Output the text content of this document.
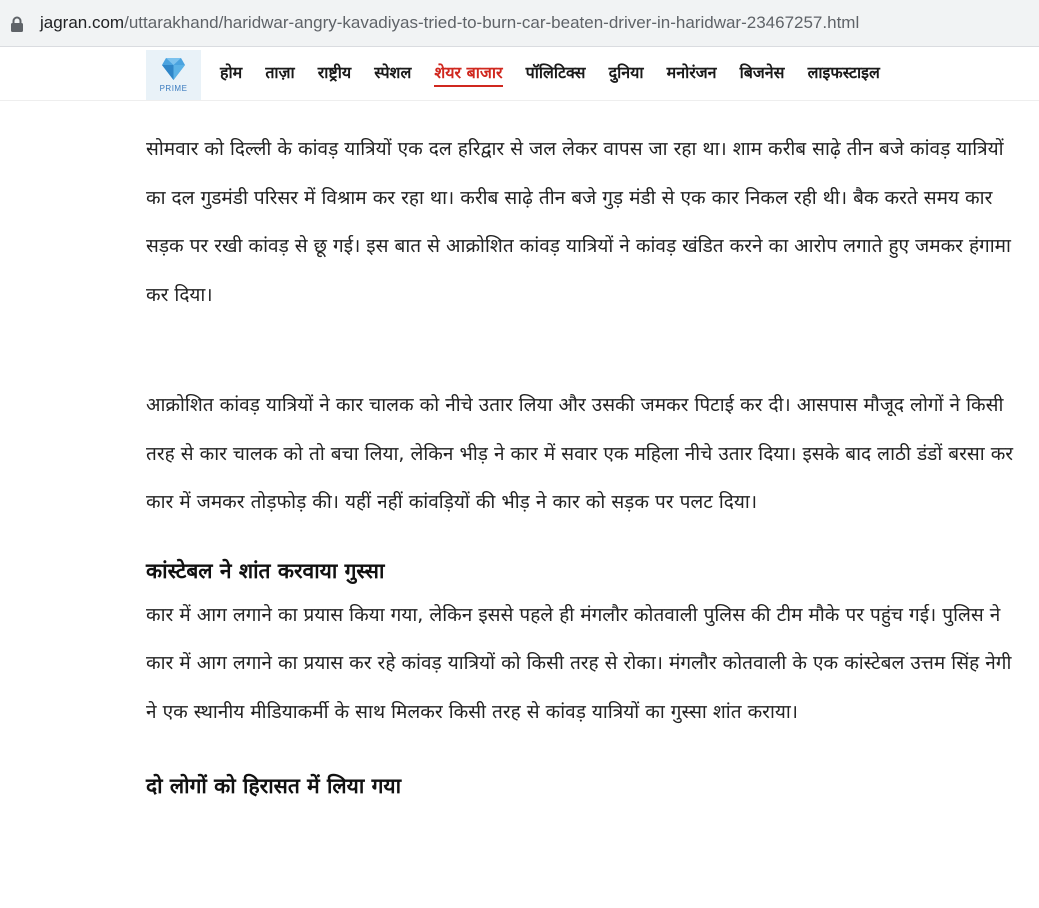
jagran.com/uttarakhand/haridwar-angry-kavadiyas-tried-to-burn-car-beaten-driver-in-haridwar-23467257.html
PRIME
होम ताज़ा राष्ट्रीय स्पेशल शेयर बाजार पॉलिटिक्स दुनिया मनोरंजन बिजनेस लाइफस्टाइल

सोमवार को दिल्ली के कांवड़ यात्रियों एक दल हरिद्वार से जल लेकर वापस जा रहा था। शाम करीब साढ़े तीन बजे कांवड़ यात्रियों का दल गुडमंडी परिसर में विश्राम कर रहा था। करीब साढ़े तीन बजे गुड़ मंडी से एक कार निकल रही थी। बैक करते समय कार सड़क पर रखी कांवड़ से छू गई। इस बात से आक्रोशित कांवड़ यात्रियों ने कांवड़ खंडित करने का आरोप लगाते हुए जमकर हंगामा कर दिया।

आक्रोशित कांवड़ यात्रियों ने कार चालक को नीचे उतार लिया और उसकी जमकर पिटाई कर दी। आसपास मौजूद लोगों ने किसी तरह से कार चालक को तो बचा लिया, लेकिन भीड़ ने कार में सवार एक महिला नीचे उतार दिया। इसके बाद लाठी डंडों बरसा कर कार में जमकर तोड़फोड़ की। यहीं नहीं कांवड़ियों की भीड़ ने कार को सड़क पर पलट दिया।

कांस्टेबल ने शांत करवाया गुस्सा

कार में आग लगाने का प्रयास किया गया, लेकिन इससे पहले ही मंगलौर कोतवाली पुलिस की टीम मौके पर पहुंच गई। पुलिस ने कार में आग लगाने का प्रयास कर रहे कांवड़ यात्रियों को किसी तरह से रोका। मंगलौर कोतवाली के एक कांस्टेबल उत्तम सिंह नेगी ने एक स्थानीय मीडियाकर्मी के साथ मिलकर किसी तरह से कांवड़ यात्रियों का गुस्सा शांत कराया।

दो लोगों को हिरासत में लिया गया
